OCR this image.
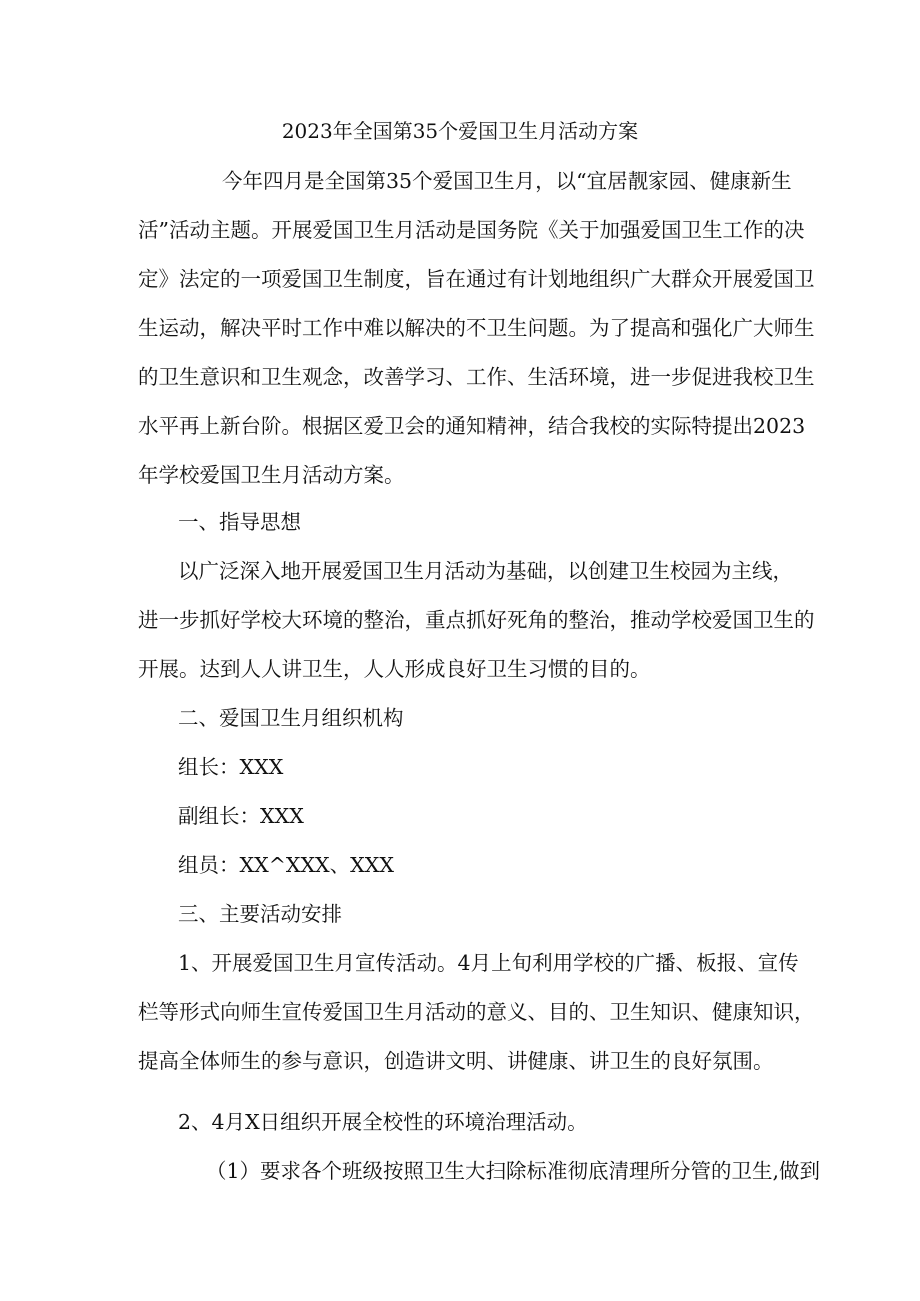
2023年全国第35个爱国卫生月活动方案
今年四月是全国第35个爱国卫生月，以“宜居靓家园、健康新生
活”活动主题。开展爱国卫生月活动是国务院《关于加强爱国卫生工作的决
定》法定的一项爱国卫生制度，旨在通过有计划地组织广大群众开展爱国卫
生运动，解决平时工作中难以解决的不卫生问题。为了提高和强化广大师生
的卫生意识和卫生观念，改善学习、工作、生活环境，进一步促进我校卫生
水平再上新台阶。根据区爱卫会的通知精神，结合我校的实际特提出2023
年学校爱国卫生月活动方案。
一、指导思想
以广泛深入地开展爱国卫生月活动为基础，以创建卫生校园为主线，
进一步抓好学校大环境的整治，重点抓好死角的整治，推动学校爱国卫生的
开展。达到人人讲卫生，人人形成良好卫生习惯的目的。
二、爱国卫生月组织机构
组长：XXX
副组长：XXX
组员：XX^XXX、XXX
三、主要活动安排
1、开展爱国卫生月宣传活动。4月上旬利用学校的广播、板报、宣传
栏等形式向师生宣传爱国卫生月活动的意义、目的、卫生知识、健康知识，
提高全体师生的参与意识，创造讲文明、讲健康、讲卫生的良好氛围。
2、4月X日组织开展全校性的环境治理活动。
（1）要求各个班级按照卫生大扫除标准彻底清理所分管的卫生,做到
